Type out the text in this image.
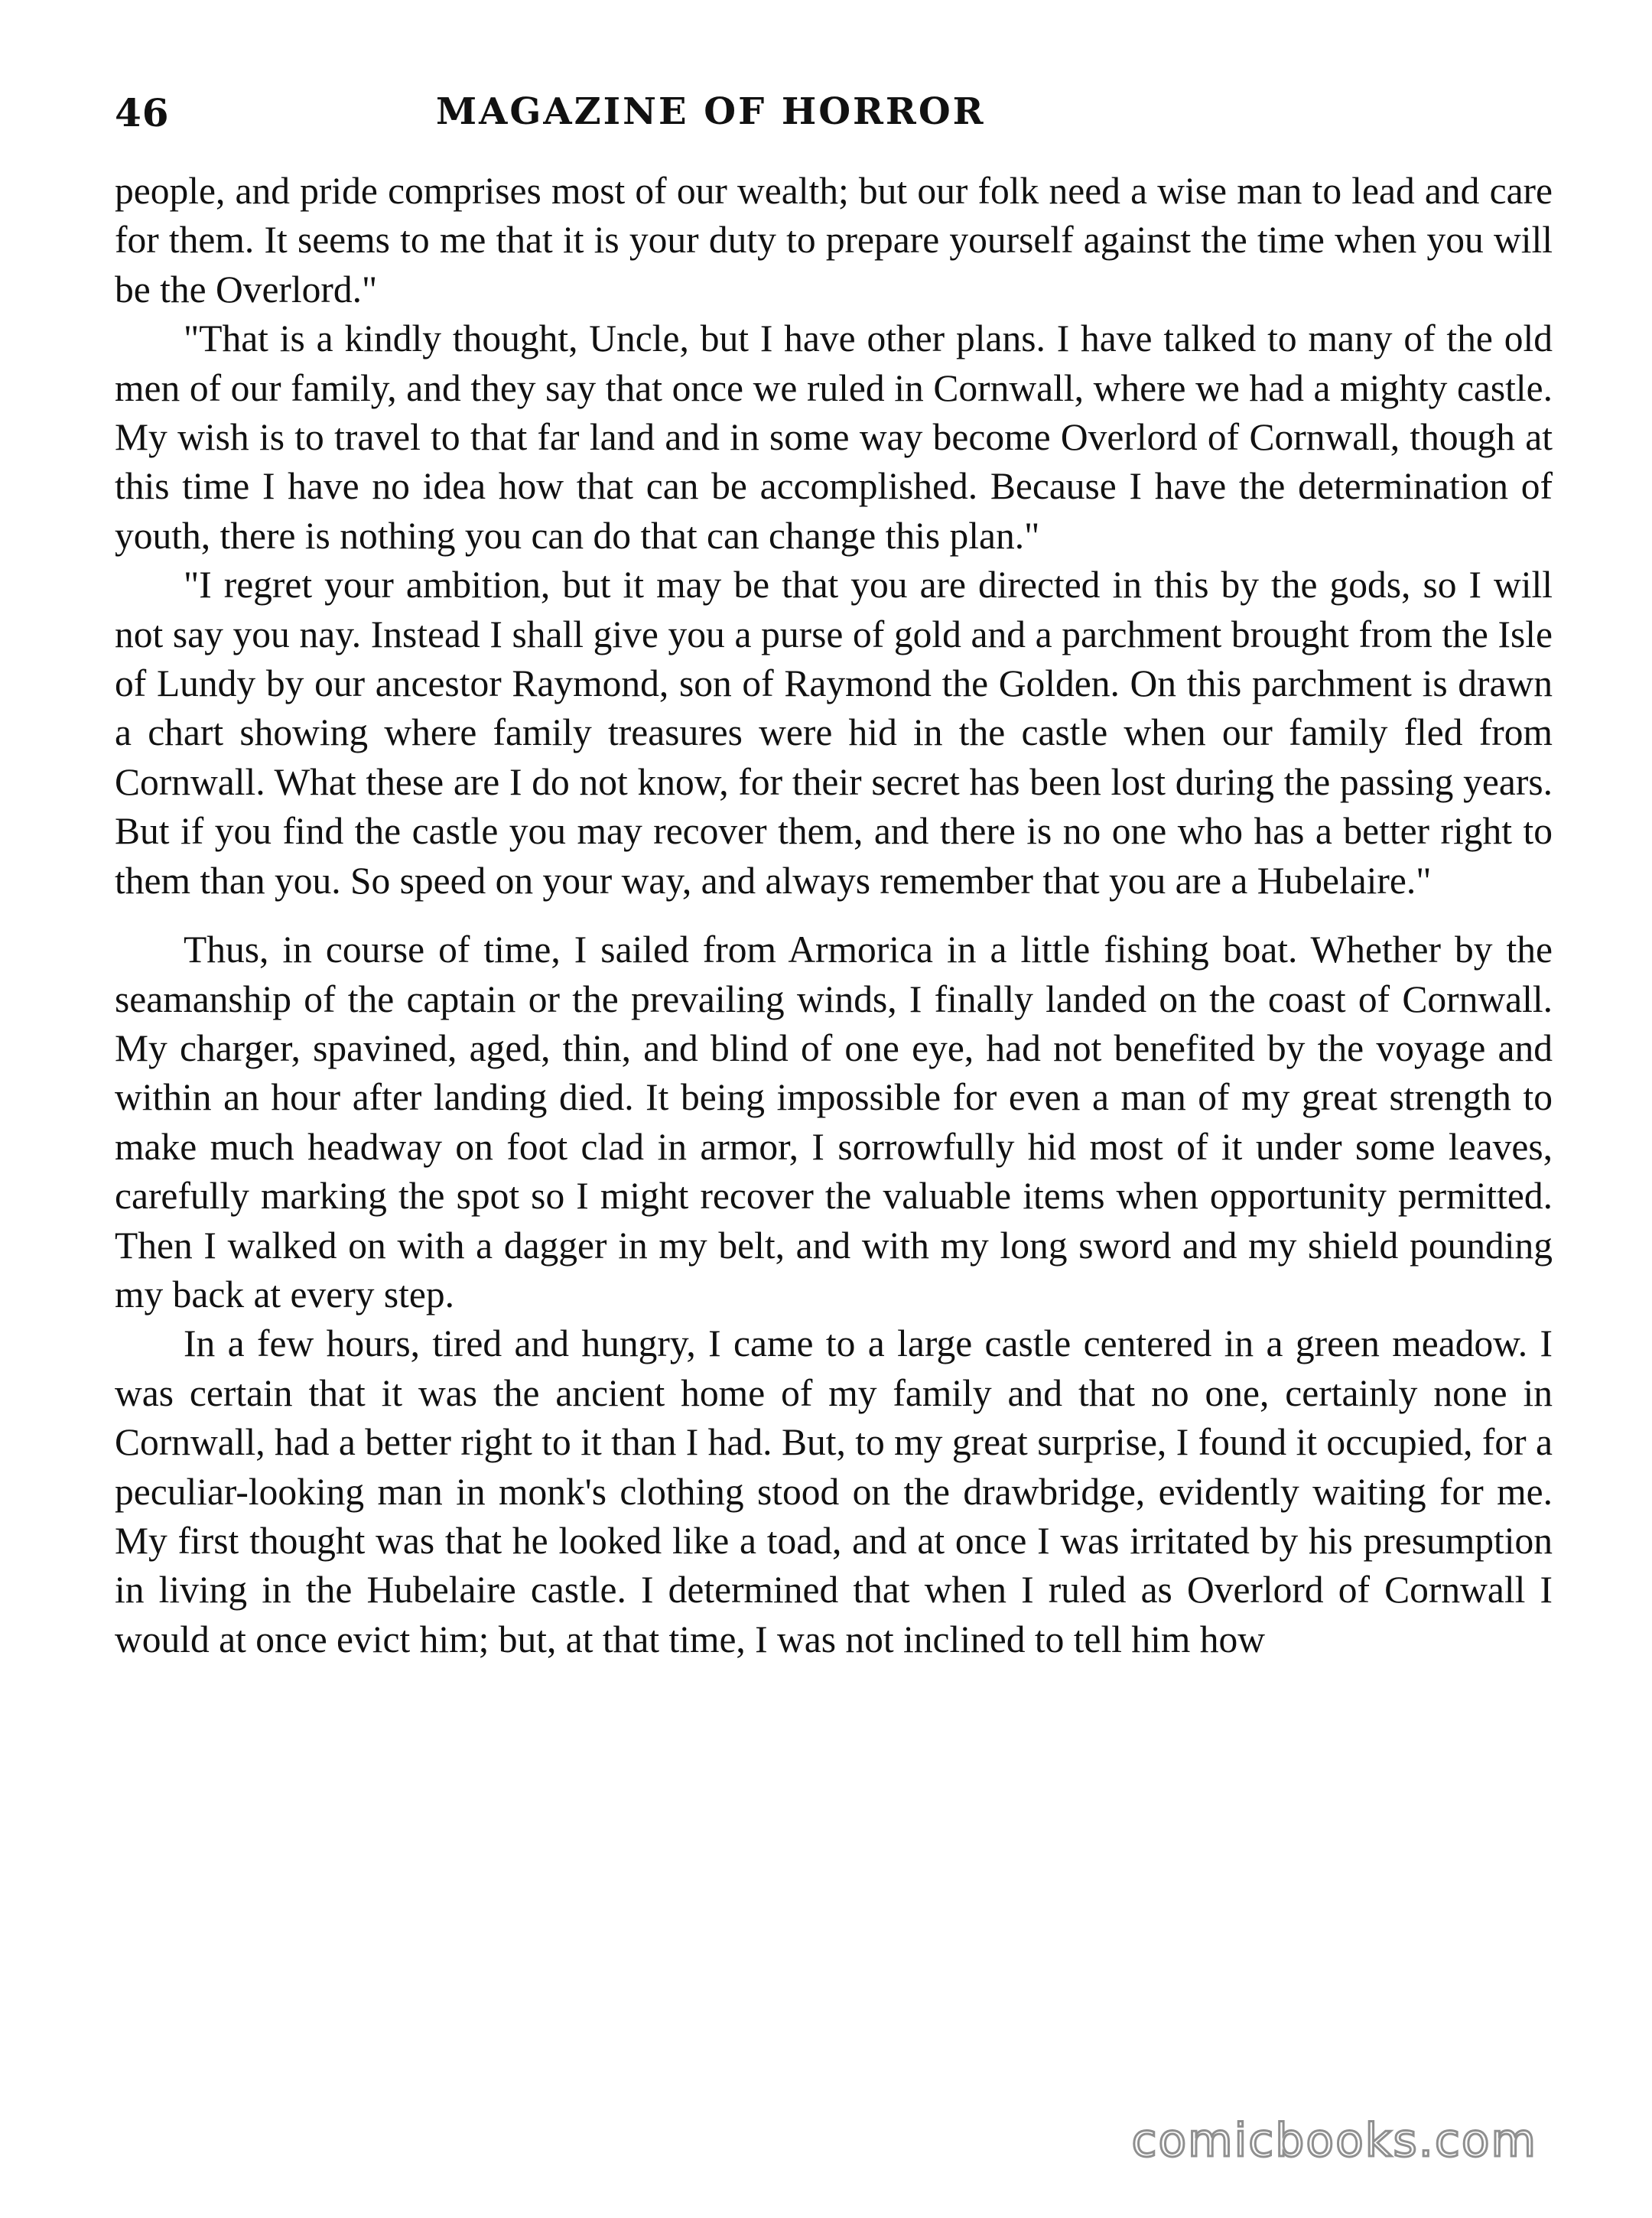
46	MAGAZINE OF HORROR

people, and pride comprises most of our wealth; but our folk need a wise man to lead and care for them. It seems to me that it is your duty to prepare yourself against the time when you will be the Overlord."

"That is a kindly thought, Uncle, but I have other plans. I have talked to many of the old men of our family, and they say that once we ruled in Cornwall, where we had a mighty castle. My wish is to travel to that far land and in some way become Overlord of Cornwall, though at this time I have no idea how that can be accomplished. Because I have the determination of youth, there is nothing you can do that can change this plan."

"I regret your ambition, but it may be that you are directed in this by the gods, so I will not say you nay. Instead I shall give you a purse of gold and a parchment brought from the Isle of Lundy by our ancestor Raymond, son of Raymond the Golden. On this parchment is drawn a chart showing where family treasures were hid in the castle when our family fled from Cornwall. What these are I do not know, for their secret has been lost during the passing years. But if you find the castle you may recover them, and there is no one who has a better right to them than you. So speed on your way, and always remember that you are a Hubelaire."

Thus, in course of time, I sailed from Armorica in a little fishing boat. Whether by the seamanship of the captain or the prevailing winds, I finally landed on the coast of Cornwall. My charger, spavined, aged, thin, and blind of one eye, had not benefited by the voyage and within an hour after landing died. It being impossible for even a man of my great strength to make much headway on foot clad in armor, I sorrowfully hid most of it under some leaves, carefully marking the spot so I might recover the valuable items when opportunity permitted. Then I walked on with a dagger in my belt, and with my long sword and my shield pounding my back at every step.

In a few hours, tired and hungry, I came to a large castle centered in a green meadow. I was certain that it was the ancient home of my family and that no one, certainly none in Cornwall, had a better right to it than I had. But, to my great surprise, I found it occupied, for a peculiar-looking man in monk's clothing stood on the drawbridge, evidently waiting for me. My first thought was that he looked like a toad, and at once I was irritated by his presumption in living in the Hubelaire castle. I determined that when I ruled as Overlord of Cornwall I would at once evict him; but, at that time, I was not inclined to tell him how

comicbooks.com
